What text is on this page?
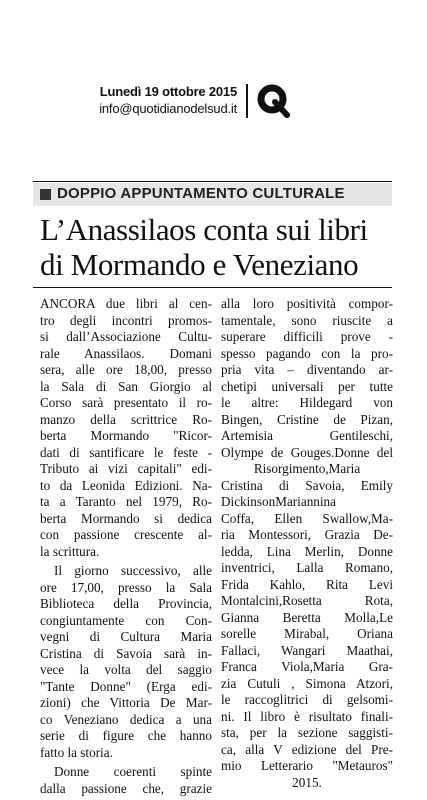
Lunedì 19 ottobre 2015
info@quotidianodelsud.it
DOPPIO APPUNTAMENTO CULTURALE
L’Anassilaos conta sui libri
di Mormando e Veneziano
ANCORA due libri al cen-
tro degli incontri promos-
si dall’Associazione Cultu-
rale Anassilaos. Domani
sera, alle ore 18,00, presso
la Sala di San Giorgio al
Corso sarà presentato il ro-
manzo della scrittrice Ro-
berta Mormando "Ricor-
dati di santificare le feste -
Tributo ai vizi capitali" edi-
to da Leonida Edizioni. Na-
ta a Taranto nel 1979, Ro-
berta Mormando si dedica
con passione crescente al-
la scrittura.
Il giorno successivo, alle
ore 17,00, presso la Sala
Biblioteca della Provincia,
congiuntamente con Con-
vegni di Cultura Maria
Cristina di Savoia sarà in-
vece la volta del saggio
"Tante Donne" (Erga edi-
zioni) che Vittoria De Mar-
co Veneziano dedica a una
serie di figure che hanno
fatto la storia.
Donne coerenti spinte
dalla passione che, grazie
alla loro positività compor-
tamentale, sono riuscite a
superare difficili prove -
spesso pagando con la pro-
pria vita – diventando ar-
chetipi universali per tutte
le altre: Hildegard von
Bingen, Cristine de Pizan,
Artemisia Gentileschi,
Olympe de Gouges.Donne del
Risorgimento,Maria
Cristina di Savoia, Emily
DickinsonMariannina
Coffa, Ellen Swallow,Ma-
ria Montessori, Grazia De-
ledda, Lina Merlin, Donne
inventrici, Lalla Romano,
Frida Kahlo, Rita Levi
Montalcini,Rosetta Rota,
Gianna Beretta Molla,Le
sorelle Mirabal, Oriana
Fallaci, Wangari Maathai,
Franca Viola,Maria Gra-
zia Cutuli , Simona Atzori,
le raccoglitrici di gelsomi-
ni. Il libro è risultato finali-
sta, per la sezione saggisti-
ca, alla V edizione del Pre-
mio Letterario "Metauros"
2015.
